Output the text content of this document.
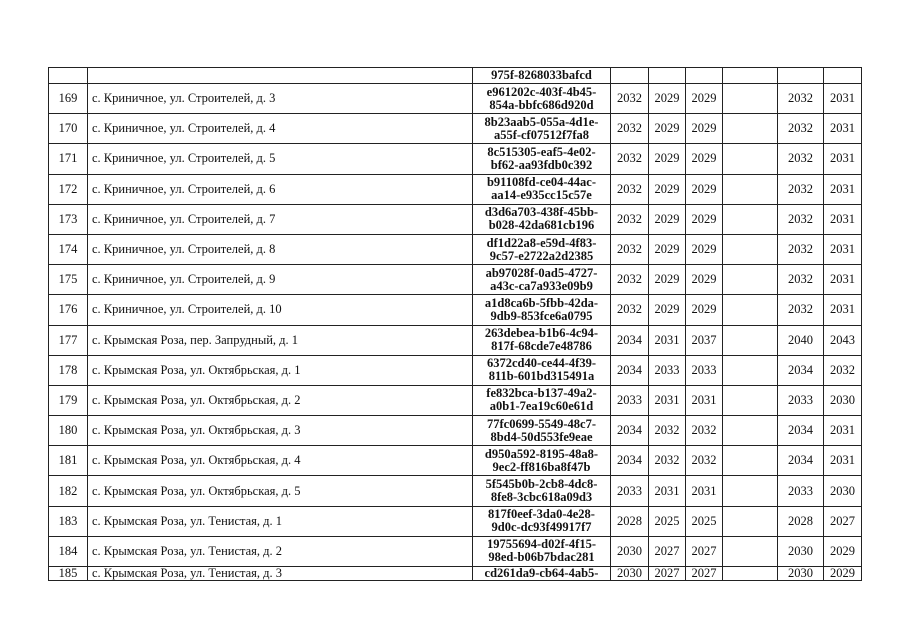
		975f-8268033bafcd						

169	с. Криничное, ул. Строителей, д. 3	e961202c-403f-4b45-
854a-bbfc686d920d	2032	2029	2029		2032	2031
170	с. Криничное, ул. Строителей, д. 4	8b23aab5-055a-4d1e-
a55f-cf07512f7fa8	2032	2029	2029		2032	2031
171	с. Криничное, ул. Строителей, д. 5	8c515305-eaf5-4e02-
bf62-aa93fdb0c392	2032	2029	2029		2032	2031
172	с. Криничное, ул. Строителей, д. 6	b91108fd-ce04-44ac-
aa14-e935cc15c57e	2032	2029	2029		2032	2031
173	с. Криничное, ул. Строителей, д. 7	d3d6a703-438f-45bb-
b028-42da681cb196	2032	2029	2029		2032	2031
174	с. Криничное, ул. Строителей, д. 8	df1d22a8-e59d-4f83-
9c57-e2722a2d2385	2032	2029	2029		2032	2031
175	с. Криничное, ул. Строителей, д. 9	ab97028f-0ad5-4727-
a43c-ca7a933e09b9	2032	2029	2029		2032	2031
176	с. Криничное, ул. Строителей, д. 10	a1d8ca6b-5fbb-42da-
9db9-853fce6a0795	2032	2029	2029		2032	2031
177	с. Крымская Роза, пер. Запрудный, д. 1	263debea-b1b6-4c94-
817f-68cde7e48786	2034	2031	2037		2040	2043
178	с. Крымская Роза, ул. Октябрьская, д. 1	6372cd40-ce44-4f39-
811b-601bd315491a	2034	2033	2033		2034	2032
179	с. Крымская Роза, ул. Октябрьская, д. 2	fe832bca-b137-49a2-
a0b1-7ea19c60e61d	2033	2031	2031		2033	2030
180	с. Крымская Роза, ул. Октябрьская, д. 3	77fc0699-5549-48c7-
8bd4-50d553fe9eae	2034	2032	2032		2034	2031
181	с. Крымская Роза, ул. Октябрьская, д. 4	d950a592-8195-48a8-
9ec2-ff816ba8f47b	2034	2032	2032		2034	2031
182	с. Крымская Роза, ул. Октябрьская, д. 5	5f545b0b-2cb8-4dc8-
8fe8-3cbc618a09d3	2033	2031	2031		2033	2030
183	с. Крымская Роза, ул. Тенистая, д. 1	817f0eef-3da0-4e28-
9d0c-dc93f49917f7	2028	2025	2025		2028	2027
184	с. Крымская Роза, ул. Тенистая, д. 2	19755694-d02f-4f15-
98ed-b06b7bdac281	2030	2027	2027		2030	2029
185	с. Крымская Роза, ул. Тенистая, д. 3	cd261da9-cb64-4ab5-	2030	2027	2027		2030	2029
